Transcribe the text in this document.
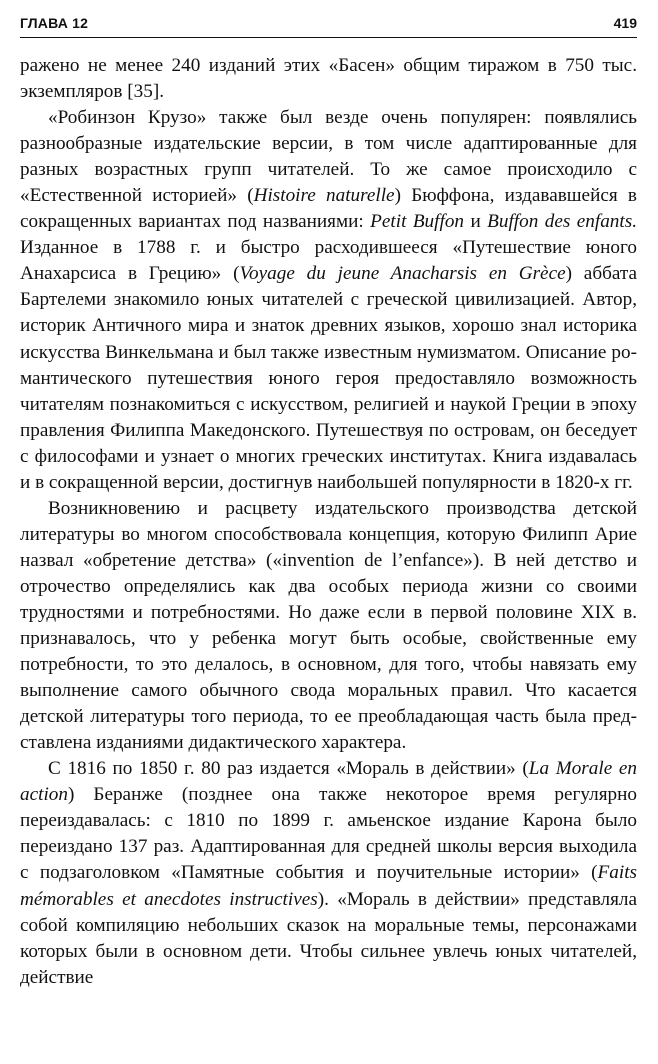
ГЛАВА 12	419

ражено не менее 240 изданий этих «Басен» общим тиражом в 750 тыс. экземпляров [35].

«Робинзон Крузо» также был везде очень популярен: появлялись разнообразные издательские версии, в том числе адаптированные для разных возрастных групп читателей. То же самое происходило с «Естественной историей» (Histoire naturelle) Бюффона, издававшейся в сокращенных вариантах под названиями: Petit Buffon и Buffon des enfants. Изданное в 1788 г. и быстро расходившееся «Путешествие юного Анахарсиса в Грецию» (Voyage du jeune Anacharsis en Grèce) аббата Бартелеми знакомило юных читателей с греческой цивилизацией. Автор, историк Античного мира и знаток древних языков, хорошо знал историка искусства Винкельмана и был также известным нумизматом. Описание романтического путешествия юного героя предоставляло возможность читателям познакомиться с искусством, религией и наукой Греции в эпоху правления Филиппа Македонского. Путешествуя по островам, он беседует с философами и узнает о многих греческих институтах. Книга издавалась и в сокращенной версии, достигнув наибольшей популярности в 1820-х гг.

Возникновению и расцвету издательского производства детской литературы во многом способствовала концепция, которую Филипп Арие назвал «обретение детства» («invention de l’enfance»). В ней детство и отрочество определялись как два особых периода жизни со своими трудностями и потребностями. Но даже если в первой половине XIX в. признавалось, что у ребенка могут быть особые, свойственные ему потребности, то это делалось, в основном, для того, чтобы навязать ему выполнение самого обычного свода моральных правил. Что касается детской литературы того периода, то ее преобладающая часть была представлена изданиями дидактического характера.

С 1816 по 1850 г. 80 раз издается «Мораль в действии» (La Morale en action) Беранже (позднее она также некоторое время регулярно переиздавалась: с 1810 по 1899 г. амьенское издание Карона было переиздано 137 раз. Адаптированная для средней школы версия выходила с подзаголовком «Памятные события и поучительные истории» (Faits mémorables et anecdotes instructives). «Мораль в действии» представляла собой компиляцию небольших сказок на моральные темы, персонажами которых были в основном дети. Чтобы сильнее увлечь юных читателей, действие
